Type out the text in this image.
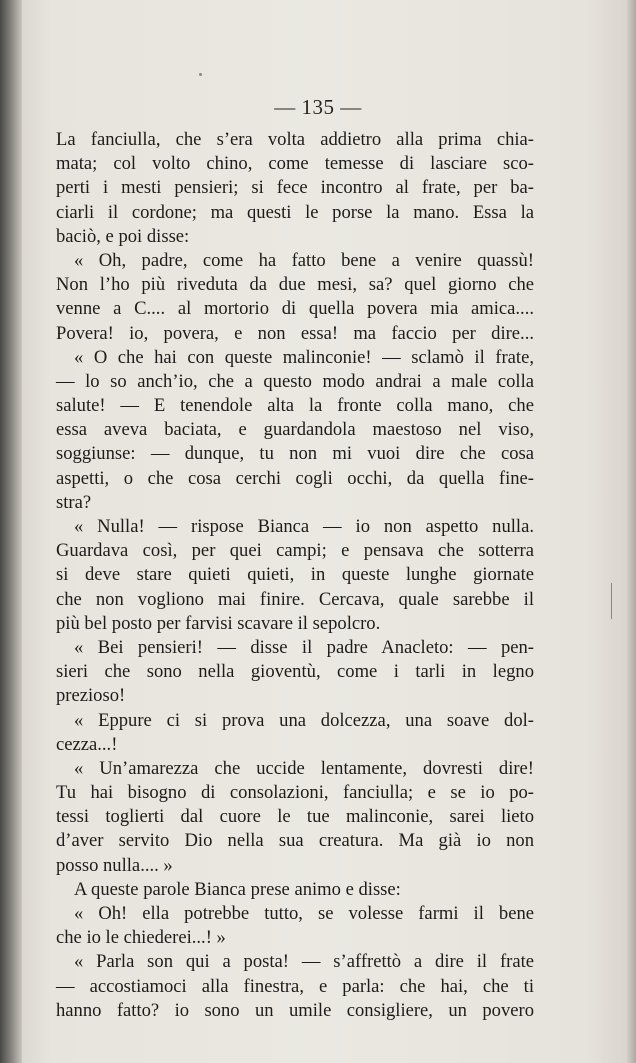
— 135 —
La fanciulla, che s’era volta addietro alla prima chia-
mata; col volto chino, come temesse di lasciare sco-
perti i mesti pensieri; si fece incontro al frate, per ba-
ciarli il cordone; ma questi le porse la mano. Essa la
baciò, e poi disse:
« Oh, padre, come ha fatto bene a venire quassù!
Non l’ho più riveduta da due mesi, sa? quel giorno che
venne a C.... al mortorio di quella povera mia amica....
Povera! io, povera, e non essa! ma faccio per dire...
« O che hai con queste malinconie! — sclamò il frate,
— lo so anch’io, che a questo modo andrai a male colla
salute! — E tenendole alta la fronte colla mano, che
essa aveva baciata, e guardandola maestoso nel viso,
soggiunse: — dunque, tu non mi vuoi dire che cosa
aspetti, o che cosa cerchi cogli occhi, da quella fine-
stra?
« Nulla! — rispose Bianca — io non aspetto nulla.
Guardava così, per quei campi; e pensava che sotterra
si deve stare quieti quieti, in queste lunghe giornate
che non vogliono mai finire. Cercava, quale sarebbe il
più bel posto per farvisi scavare il sepolcro.
« Bei pensieri! — disse il padre Anacleto: — pen-
sieri che sono nella gioventù, come i tarli in legno
prezioso!
« Eppure ci si prova una dolcezza, una soave dol-
cezza...!
« Un’amarezza che uccide lentamente, dovresti dire!
Tu hai bisogno di consolazioni, fanciulla; e se io po-
tessi toglierti dal cuore le tue malinconie, sarei lieto
d’aver servito Dio nella sua creatura. Ma già io non
posso nulla.... »
A queste parole Bianca prese animo e disse:
« Oh! ella potrebbe tutto, se volesse farmi il bene
che io le chiederei...! »
« Parla son qui a posta! — s’affrettò a dire il frate
— accostiamoci alla finestra, e parla: che hai, che ti
hanno fatto? io sono un umile consigliere, un povero
